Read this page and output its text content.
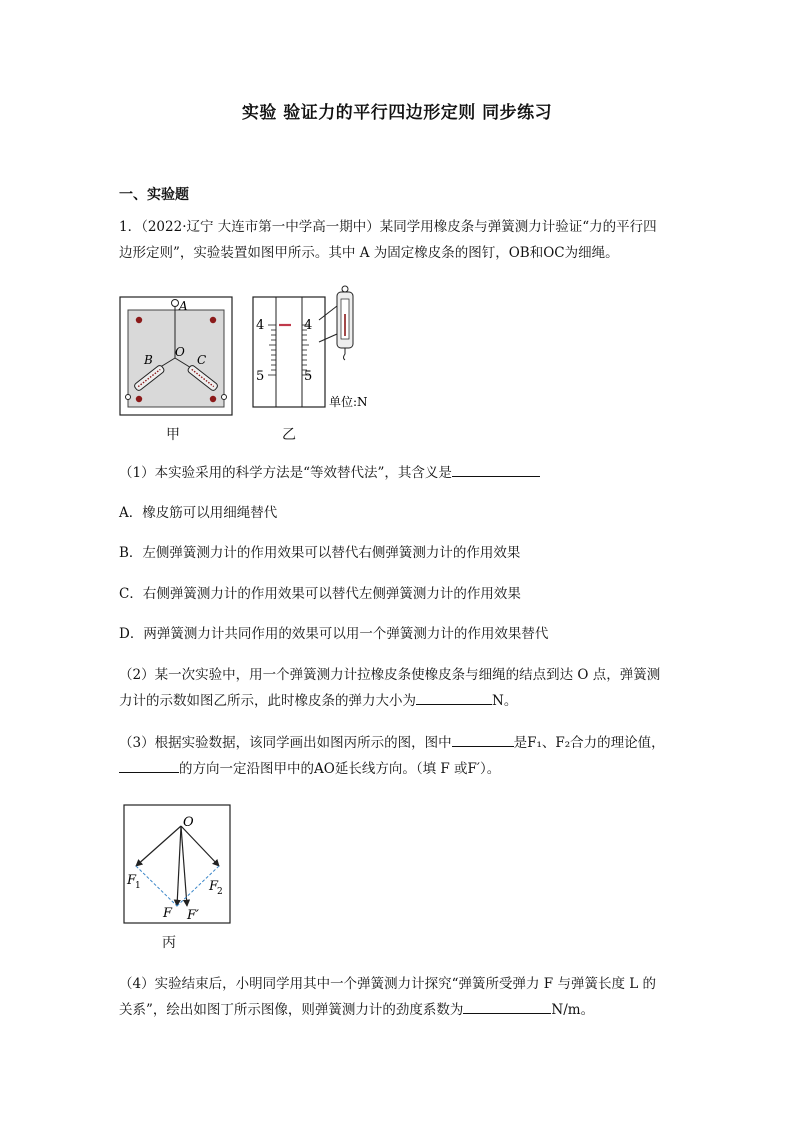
实验 验证力的平行四边形定则 同步练习
一、实验题
1．（2022·辽宁 大连市第一中学高一期中）某同学用橡皮条与弹簧测力计验证“力的平行四
边形定则”，实验装置如图甲所示。其中 A 为固定橡皮条的图钉，OB和OC为细绳。
A
B
O
C
甲
4	4
5	5
单位:N
乙
（1）本实验采用的科学方法是“等效替代法”，其含义是
A．橡皮筋可以用细绳替代
B．左侧弹簧测力计的作用效果可以替代右侧弹簧测力计的作用效果
C．右侧弹簧测力计的作用效果可以替代左侧弹簧测力计的作用效果
D．两弹簧测力计共同作用的效果可以用一个弹簧测力计的作用效果替代
（2）某一次实验中，用一个弹簧测力计拉橡皮条使橡皮条与细绳的结点到达 O 点，弹簧测
力计的示数如图乙所示，此时橡皮条的弹力大小为	N。
（3）根据实验数据，该同学画出如图丙所示的图，图中	是F₁、F₂合力的理论值，
的方向一定沿图甲中的AO延长线方向。（填 F 或F′）。
O
F
1	F
2
F F′
丙
（4）实验结束后，小明同学用其中一个弹簧测力计探究“弹簧所受弹力 F 与弹簧长度 L 的
关系”，绘出如图丁所示图像，则弹簧测力计的劲度系数为	N/m。
